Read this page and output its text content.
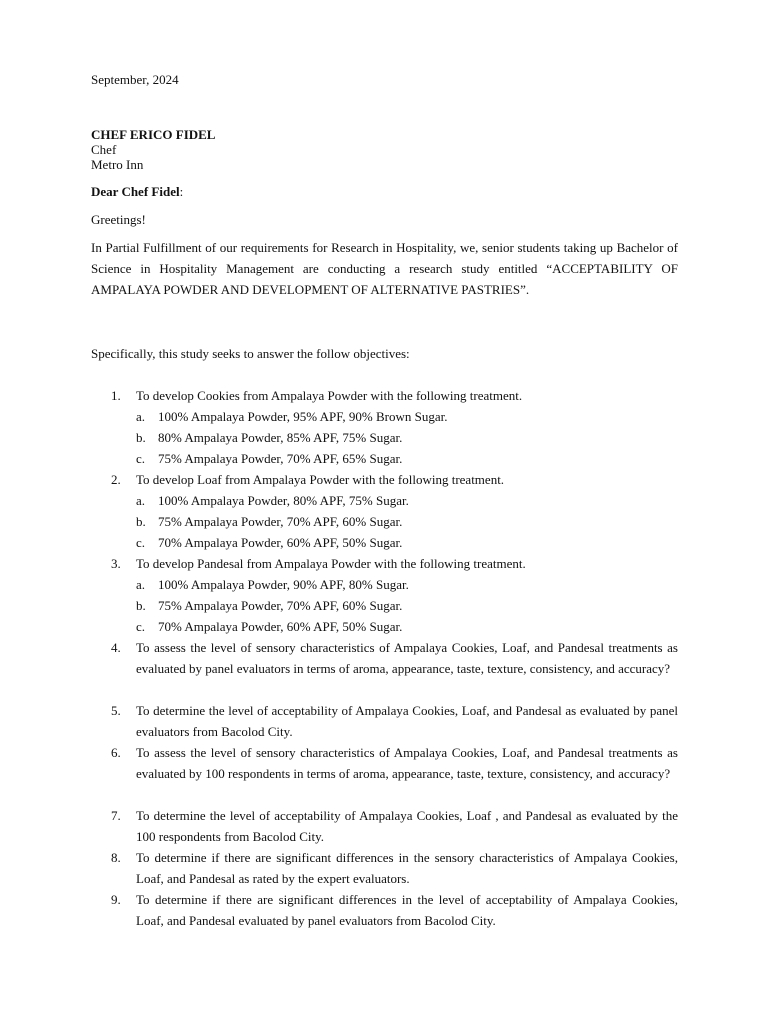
September, 2024
CHEF ERICO FIDEL
Chef
Metro Inn
Dear Chef Fidel:
Greetings!
In Partial Fulfillment of our requirements for Research in Hospitality, we, senior students taking up Bachelor of Science in Hospitality Management are conducting a research study entitled “ACCEPTABILITY OF AMPALAYA POWDER AND DEVELOPMENT OF ALTERNATIVE PASTRIES”.
Specifically, this study seeks to answer the follow objectives:
1. To develop Cookies from Ampalaya Powder with the following treatment.
a. 100% Ampalaya Powder, 95% APF, 90% Brown Sugar.
b. 80% Ampalaya Powder, 85% APF, 75% Sugar.
c. 75% Ampalaya Powder, 70% APF, 65% Sugar.
2. To develop Loaf from Ampalaya Powder with the following treatment.
a. 100% Ampalaya Powder, 80% APF, 75% Sugar.
b. 75% Ampalaya Powder, 70% APF, 60% Sugar.
c. 70% Ampalaya Powder, 60% APF, 50% Sugar.
3. To develop Pandesal from Ampalaya Powder with the following treatment.
a. 100% Ampalaya Powder, 90% APF, 80% Sugar.
b. 75% Ampalaya Powder, 70% APF, 60% Sugar.
c. 70% Ampalaya Powder, 60% APF, 50% Sugar.
4. To assess the level of sensory characteristics of Ampalaya Cookies, Loaf, and Pandesal treatments as evaluated by panel evaluators in terms of aroma, appearance, taste, texture, consistency, and accuracy?
5. To determine the level of acceptability of Ampalaya Cookies, Loaf, and Pandesal as evaluated by panel evaluators from Bacolod City.
6. To assess the level of sensory characteristics of Ampalaya Cookies, Loaf, and Pandesal treatments as evaluated by 100 respondents in terms of aroma, appearance, taste, texture, consistency, and accuracy?
7. To determine the level of acceptability of Ampalaya Cookies, Loaf , and Pandesal as evaluated by the 100 respondents from Bacolod City.
8. To determine if there are significant differences in the sensory characteristics of Ampalaya Cookies, Loaf, and Pandesal as rated by the expert evaluators.
9. To determine if there are significant differences in the level of acceptability of Ampalaya Cookies, Loaf, and Pandesal evaluated by panel evaluators from Bacolod City.
